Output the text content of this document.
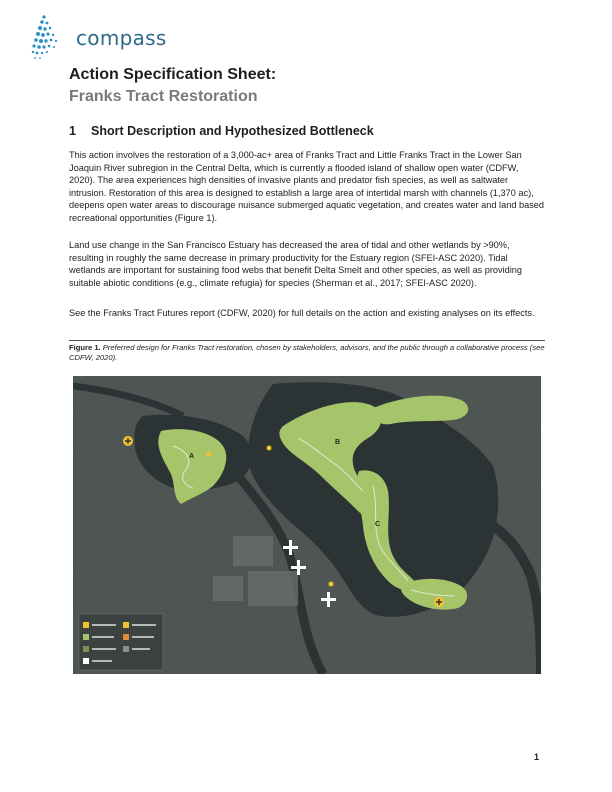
compass
Action Specification Sheet:
Franks Tract Restoration
1 Short Description and Hypothesized Bottleneck

This action involves the restoration of a 3,000-ac+ area of Franks Tract and Little Franks Tract in the Lower San Joaquin River subregion in the Central Delta, which is currently a flooded island of shallow open water (CDFW, 2020). The area experiences high densities of invasive plants and predator fish species, as well as saltwater intrusion. Restoration of this area is designed to establish a large area of intertidal marsh with channels (1,370 ac), deepens open water areas to discourage nuisance submerged aquatic vegetation, and creates water and land based recreational opportunities (Figure 1).

Land use change in the San Francisco Estuary has decreased the area of tidal and other wetlands by >90%, resulting in roughly the same decrease in primary productivity for the Estuary region (SFEI-ASC 2020). Tidal wetlands are important for sustaining food webs that benefit Delta Smelt and other species, as well as providing suitable abiotic conditions (e.g., climate refugia) for species (Sherman et al., 2017; SFEI-ASC 2020).

See the Franks Tract Futures report (CDFW, 2020) for full details on the action and existing analyses on its effects.

Figure 1. Preferred design for Franks Tract restoration, chosen by stakeholders, advisors, and the public through a collaborative process (see CDFW, 2020).
A
B
C
1
